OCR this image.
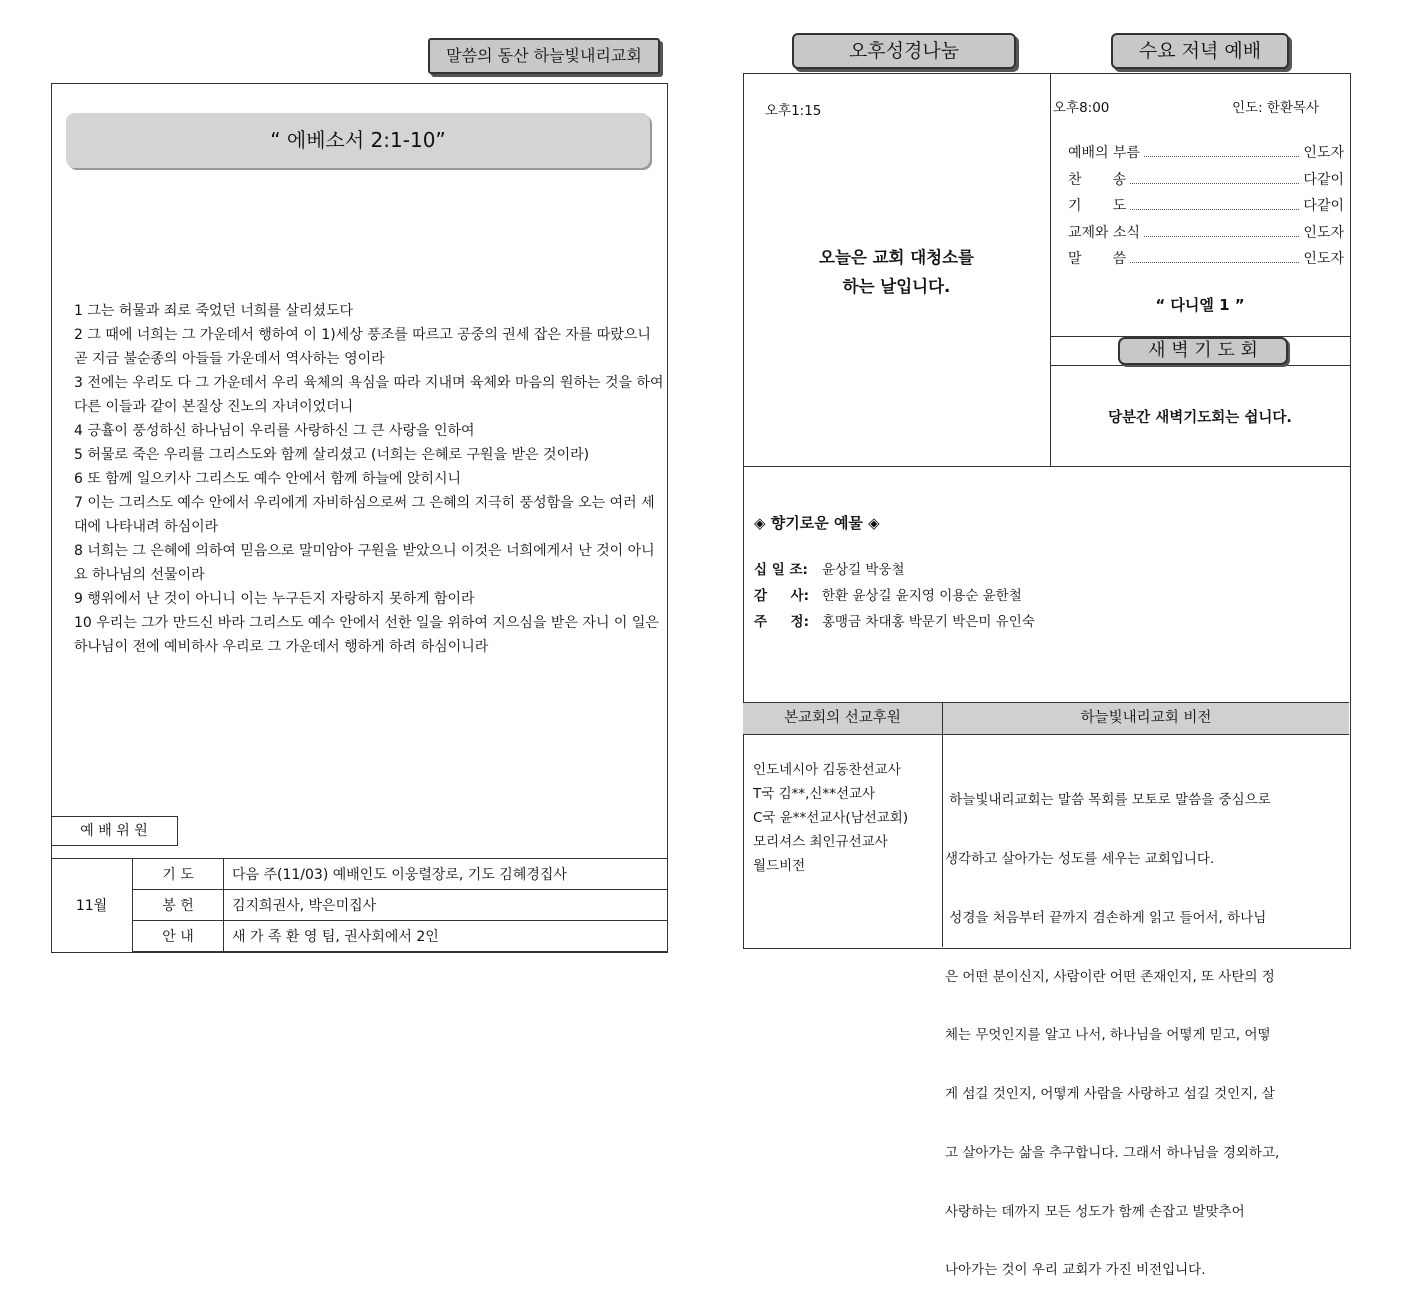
말씀의 동산 하늘빛내리교회
“ 에베소서 2:1-10”

1 그는 허물과 죄로 죽었던 너희를 살리셨도다

2 그 때에 너희는 그 가운데서 행하여 이 1)세상 풍조를 따르고 공중의 권세 잡은 자를 따랐으니 곧 지금 불순종의 아들들 가운데서 역사하는 영이라

3 전에는 우리도 다 그 가운데서 우리 육체의 욕심을 따라 지내며 육체와 마음의 원하는 것을 하여 다른 이들과 같이 본질상 진노의 자녀이었더니

4 긍휼이 풍성하신 하나님이 우리를 사랑하신 그 큰 사랑을 인하여

5 허물로 죽은 우리를 그리스도와 함께 살리셨고 (너희는 은혜로 구원을 받은 것이라)

6 또 함께 일으키사 그리스도 예수 안에서 함께 하늘에 앉히시니

7 이는 그리스도 예수 안에서 우리에게 자비하심으로써 그 은혜의 지극히 풍성함을 오는 여러 세대에 나타내려 하심이라

8 너희는 그 은혜에 의하여 믿음으로 말미암아 구원을 받았으니 이것은 너희에게서 난 것이 아니요 하나님의 선물이라

9 행위에서 난 것이 아니니 이는 누구든지 자랑하지 못하게 함이라

10 우리는 그가 만드신 바라 그리스도 예수 안에서 선한 일을 위하여 지으심을 받은 자니 이 일은 하나님이 전에 예비하사 우리로 그 가운데서 행하게 하려 하심이니라

예 배 위 원
11월	기 도	다음 주(11/03) 예배인도 이웅렬장로, 기도 김혜경집사
	봉 헌	김지희권사, 박은미집사
	안 내	새 가 족 환 영 팀, 권사회에서 2인
오후성경나눔	수요 저녁 예배
오후1:15
오늘은 교회 대청소를
하는 날입니다.
오후8:00	인도: 한환목사
예배의 부름	인도자
찬       송	다같이
기       도	다같이
교제와 소식	인도자
말       씀	인도자
“ 다니엘 1 ”
새 벽 기 도 회
당분간 새벽기도회는 쉽니다.
◈ 향기로운 예물 ◈
십 일 조: 윤상길 박웅철
감     사: 한환 윤상길 윤지영 이용순 윤한철
주     정: 홍맹금 차대홍 박문기 박은미 유인숙
본교회의 선교후원	하늘빛내리교회 비전
인도네시아 김동찬선교사
T국 김**,신**선교사
C국 윤**선교사(남선교회)
모리셔스 최인규선교사
월드비전

하늘빛내리교회는 말씀 목회를 모토로 말씀을 중심으로

생각하고 살아가는 성도를 세우는 교회입니다.

성경을 처음부터 끝까지 겸손하게 읽고 들어서, 하나님

은 어떤 분이신지, 사람이란 어떤 존재인지, 또 사탄의 정

체는 무엇인지를 알고 나서, 하나님을 어떻게 믿고, 어떻

게 섬길 것인지, 어떻게 사람을 사랑하고 섬길 것인지, 살

고 살아가는 삶을 추구합니다. 그래서 하나님을 경외하고,

사랑하는 데까지 모든 성도가 함께 손잡고 발맞추어

나아가는 것이 우리 교회가 가진 비전입니다.
